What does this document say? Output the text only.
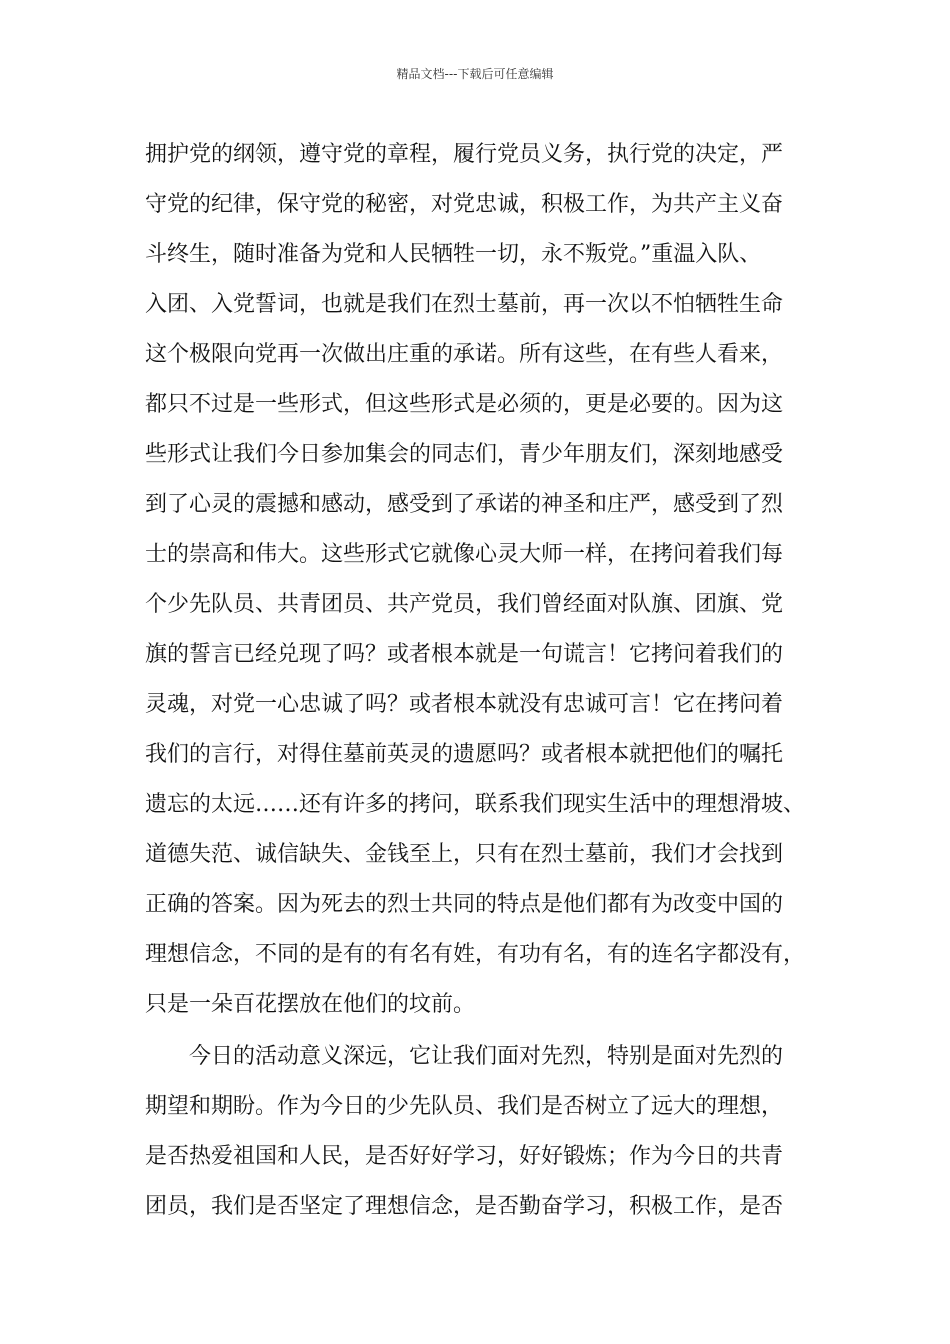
精品文档---下载后可任意编辑
拥护党的纲领，遵守党的章程，履行党员义务，执行党的决定，严
守党的纪律，保守党的秘密，对党忠诚，积极工作，为共产主义奋
斗终生，随时准备为党和人民牺牲一切，永不叛党。”重温入队、
入团、入党誓词，也就是我们在烈士墓前，再一次以不怕牺牲生命
这个极限向党再一次做出庄重的承诺。所有这些，在有些人看来，
都只不过是一些形式，但这些形式是必须的，更是必要的。因为这
些形式让我们今日参加集会的同志们，青少年朋友们，深刻地感受
到了心灵的震撼和感动，感受到了承诺的神圣和庄严，感受到了烈
士的崇高和伟大。这些形式它就像心灵大师一样，在拷问着我们每
个少先队员、共青团员、共产党员，我们曾经面对队旗、团旗、党
旗的誓言已经兑现了吗？或者根本就是一句谎言！它拷问着我们的
灵魂，对党一心忠诚了吗？或者根本就没有忠诚可言！它在拷问着
我们的言行，对得住墓前英灵的遗愿吗？或者根本就把他们的嘱托
遗忘的太远……还有许多的拷问，联系我们现实生活中的理想滑坡、
道德失范、诚信缺失、金钱至上，只有在烈士墓前，我们才会找到
正确的答案。因为死去的烈士共同的特点是他们都有为改变中国的
理想信念，不同的是有的有名有姓，有功有名，有的连名字都没有，
只是一朵百花摆放在他们的坟前。
今日的活动意义深远，它让我们面对先烈，特别是面对先烈的
期望和期盼。作为今日的少先队员、我们是否树立了远大的理想，
是否热爱祖国和人民，是否好好学习，好好锻炼；作为今日的共青
团员，我们是否坚定了理想信念，是否勤奋学习，积极工作，是否
